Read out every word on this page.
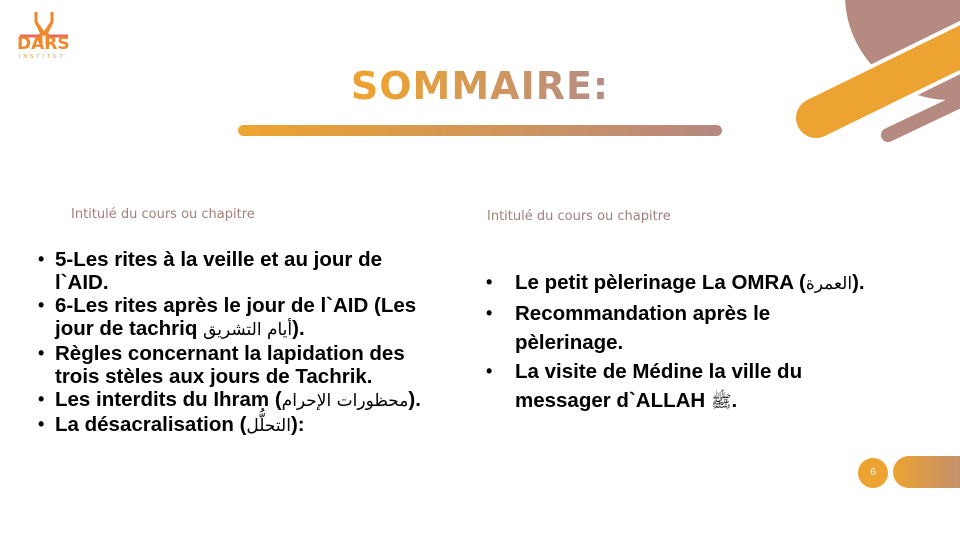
DARS
INSTITUT
SOMMAIRE:
Intitulé du cours ou chapitre
• 5-Les rites à la veille et au jour de l`AID.
• 6-Les rites après le jour de l`AID (Les jour de tachriq أيام التشريق).
• Règles concernant la lapidation des trois stèles aux jours de Tachrik.
• Les interdits du Ihram (محظورات الإحرام).
• La désacralisation (التحلُّل):
Intitulé du cours ou chapitre
• Le petit pèlerinage La OMRA (العمرة).
• Recommandation après le pèlerinage.
• La visite de Médine la ville du messager d`ALLAH ﷺ.
6
